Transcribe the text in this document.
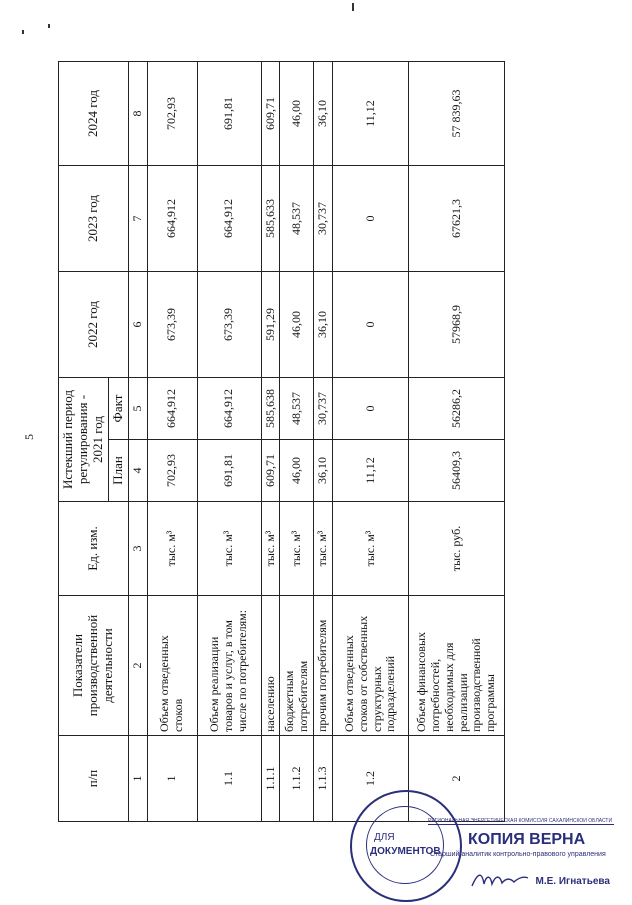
5
п/п	Показатели производственной деятельности	Ед. изм.	Истекший период регулирования - 2021 год		2022 год	2023 год	2024 год
			План	Факт			
1	2	3	4	5	6	7	8
1	Объем отведенных стоков	тыс. м³	702,93	664,912	673,39	664,912	702,93
1.1	Объем реализации товаров и услуг, в том числе по потребителям:	тыс. м³	691,81	664,912	673,39	664,912	691,81
1.1.1	населению	тыс. м³	609,71	585,638	591,29	585,633	609,71
1.1.2	бюджетным потребителям	тыс. м³	46,00	48,537	46,00	48,537	46,00
1.1.3	прочим потребителям	тыс. м³	36,10	30,737	36,10	30,737	36,10
1.2	Объем отведенных стоков от собственных структурных подразделений	тыс. м³	11,12	0	0	0	11,12
2	Объем финансовых потребностей, необходимых для реализации производственной программы	тыс. руб.	56409,3	56286,2	57968,9	67621,3	57 839,63
ДЛЯ
ДОКУМЕНТОВ
РЕГИОНАЛЬНАЯ ЭНЕРГЕТИЧЕСКАЯ КОМИССИЯ САХАЛИНСКОЙ ОБЛАСТИ
КОПИЯ ВЕРНА
Старший аналитик контрольно-правового управления
М.Е. Игнатьева
